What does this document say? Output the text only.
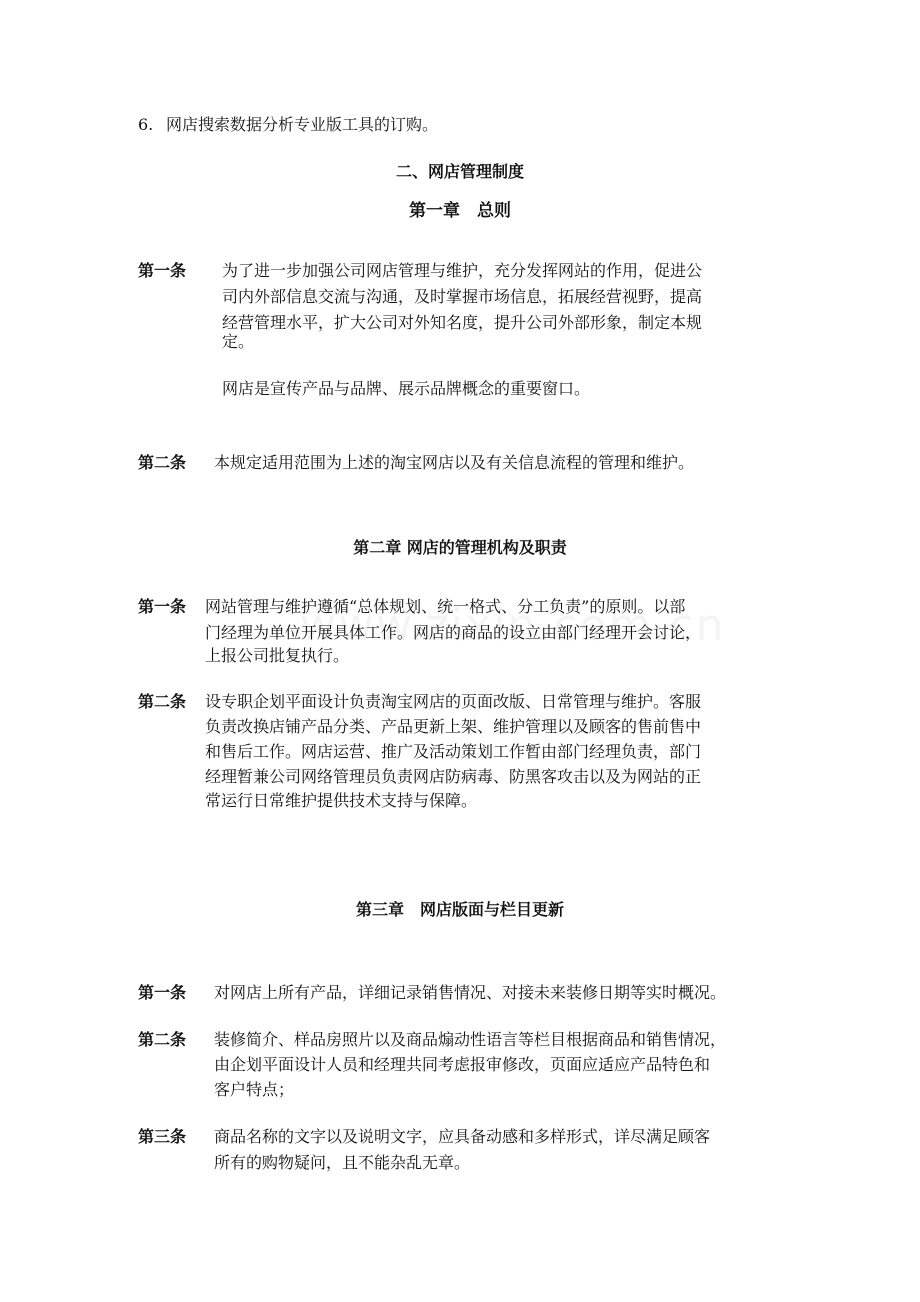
6. 网店搜索数据分析专业版工具的订购。
二、网店管理制度
第一章　总则
第一条 为了进一步加强公司网店管理与维护，充分发挥网站的作用，促进公
司内外部信息交流与沟通，及时掌握市场信息，拓展经营视野，提高
经营管理水平，扩大公司对外知名度，提升公司外部形象，制定本规
定。
网店是宣传产品与品牌、展示品牌概念的重要窗口。
第二条 本规定适用范围为上述的淘宝网店以及有关信息流程的管理和维护。
第二章 网店的管理机构及职责
第一条 网站管理与维护遵循“总体规划、统一格式、分工负责”的原则。以部
门经理为单位开展具体工作。网店的商品的设立由部门经理开会讨论，
上报公司批复执行。
第二条 设专职企划平面设计负责淘宝网店的页面改版、日常管理与维护。客服
负责改换店铺产品分类、产品更新上架、维护管理以及顾客的售前售中
和售后工作。网店运营、推广及活动策划工作暂由部门经理负责，部门
经理暂兼公司网络管理员负责网店防病毒、防黑客攻击以及为网站的正
常运行日常维护提供技术支持与保障。
第三章　网店版面与栏目更新
第一条 对网店上所有产品，详细记录销售情况、对接未来装修日期等实时概况。
第二条 装修简介、样品房照片以及商品煽动性语言等栏目根据商品和销售情况，
由企划平面设计人员和经理共同考虑报审修改，页面应适应产品特色和
客户特点；
第三条 商品名称的文字以及说明文字，应具备动感和多样形式，详尽满足顾客
所有的购物疑问，且不能杂乱无章。
